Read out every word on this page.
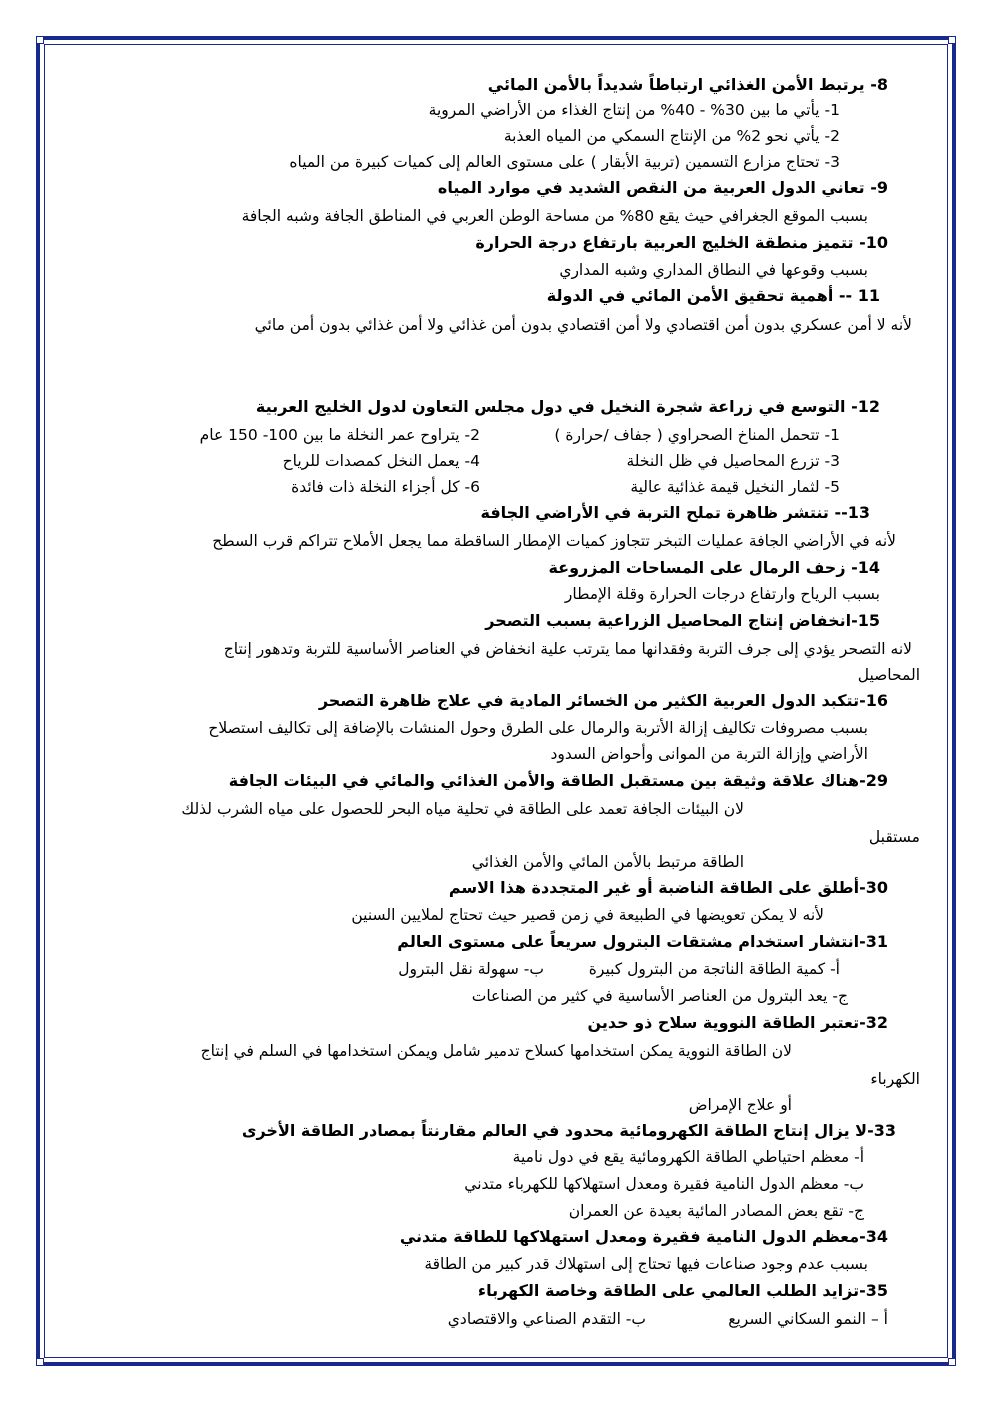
8- يرتبط الأمن الغذائي ارتباطاً شديداً بالأمن المائي
1- يأتي ما بين 30% - 40% من إنتاج الغذاء من الأراضي المروية
2- يأتي نحو 2% من الإنتاج السمكي من المياه العذبة
3- تحتاج مزارع التسمين (تربية الأبقار ) على مستوى العالم إلى كميات كبيرة من المياه
9- تعاني الدول العربية من النقص الشديد في موارد المياه
بسبب الموقع الجغرافي حيث يقع 80% من مساحة الوطن العربي في المناطق الجافة وشبه الجافة
10- تتميز منطقة الخليج العربية بارتفاع درجة الحرارة
بسبب وقوعها في النطاق المداري وشبه المداري
11 -- أهمية تحقيق الأمن المائي في الدولة
لأنه لا أمن عسكري بدون أمن اقتصادي ولا أمن اقتصادي بدون أمن غذائي ولا أمن غذائي بدون أمن مائي
12- التوسع في زراعة شجرة النخيل في دول مجلس التعاون لدول الخليج العربية
1- تتحمل المناخ الصحراوي ( جفاف /حرارة )
2- يتراوح عمر النخلة ما بين 100- 150 عام
3- تزرع المحاصيل في ظل النخلة
4- يعمل النخل كمصدات للرياح
5- لثمار النخيل قيمة غذائية عالية
6- كل أجزاء النخلة ذات فائدة
13-- تنتشر ظاهرة تملح التربة في الأراضي الجافة
لأنه في الأراضي الجافة عمليات التبخر تتجاوز كميات الإمطار الساقطة مما يجعل الأملاح تتراكم قرب السطح
14- زحف الرمال على المساحات المزروعة
بسبب الرياح وارتفاع درجات الحرارة وقلة الإمطار
15-انخفاض إنتاج المحاصيل الزراعية بسبب التصحر
لانه التصحر يؤدي إلى جرف التربة وفقدانها مما يترتب علية انخفاض في العناصر الأساسية للتربة وتدهور إنتاج
المحاصيل
16-تتكبد الدول العربية الكثير من الخسائر المادية في علاج ظاهرة التصحر
بسبب مصروفات تكاليف إزالة الأتربة والرمال على الطرق وحول المنشات بالإضافة إلى تكاليف استصلاح
الأراضي وإزالة التربة من الموانى وأحواض السدود
29-هناك علاقة وثيقة بين مستقبل الطاقة والأمن الغذائي والمائي في البيئات الجافة
لان البيئات الجافة تعمد على الطاقة في تحلية مياه البحر للحصول على مياه الشرب لذلك
مستقبل
الطاقة مرتبط بالأمن المائي والأمن الغذائي
30-أطلق على الطاقة الناضبة أو غير المتجددة هذا الاسم
لأنه لا يمكن تعويضها في الطبيعة في زمن قصير حيث تحتاج لملايين السنين
31-انتشار استخدام مشتقات البترول سريعاً على مستوى العالم
أ- كمية الطاقة الناتجة من البترول كبيرة
ب- سهولة نقل البترول
ج- يعد البترول من العناصر الأساسية في كثير من الصناعات
32-تعتبر الطاقة النووية سلاح ذو حدين
لان الطاقة النووية يمكن استخدامها كسلاح تدمير شامل ويمكن استخدامها في السلم في إنتاج
الكهرباء
أو علاج الإمراض
33-لا يزال إنتاج الطاقة الكهرومائية محدود في العالم مقارنتاً بمصادر الطاقة الأخرى
أ- معظم احتياطي الطاقة الكهرومائية يقع في دول نامية
ب- معظم الدول النامية فقيرة ومعدل استهلاكها للكهرباء متدني
ج- تقع بعض المصادر المائية بعيدة عن العمران
34-معظم الدول النامية فقيرة ومعدل استهلاكها للطاقة متدني
بسبب عدم وجود صناعات فيها تحتاج إلى استهلاك قدر كبير من الطاقة
35-تزايد الطلب العالمي على الطاقة وخاصة الكهرباء
أ – النمو السكاني السريع
ب- التقدم الصناعي والاقتصادي
